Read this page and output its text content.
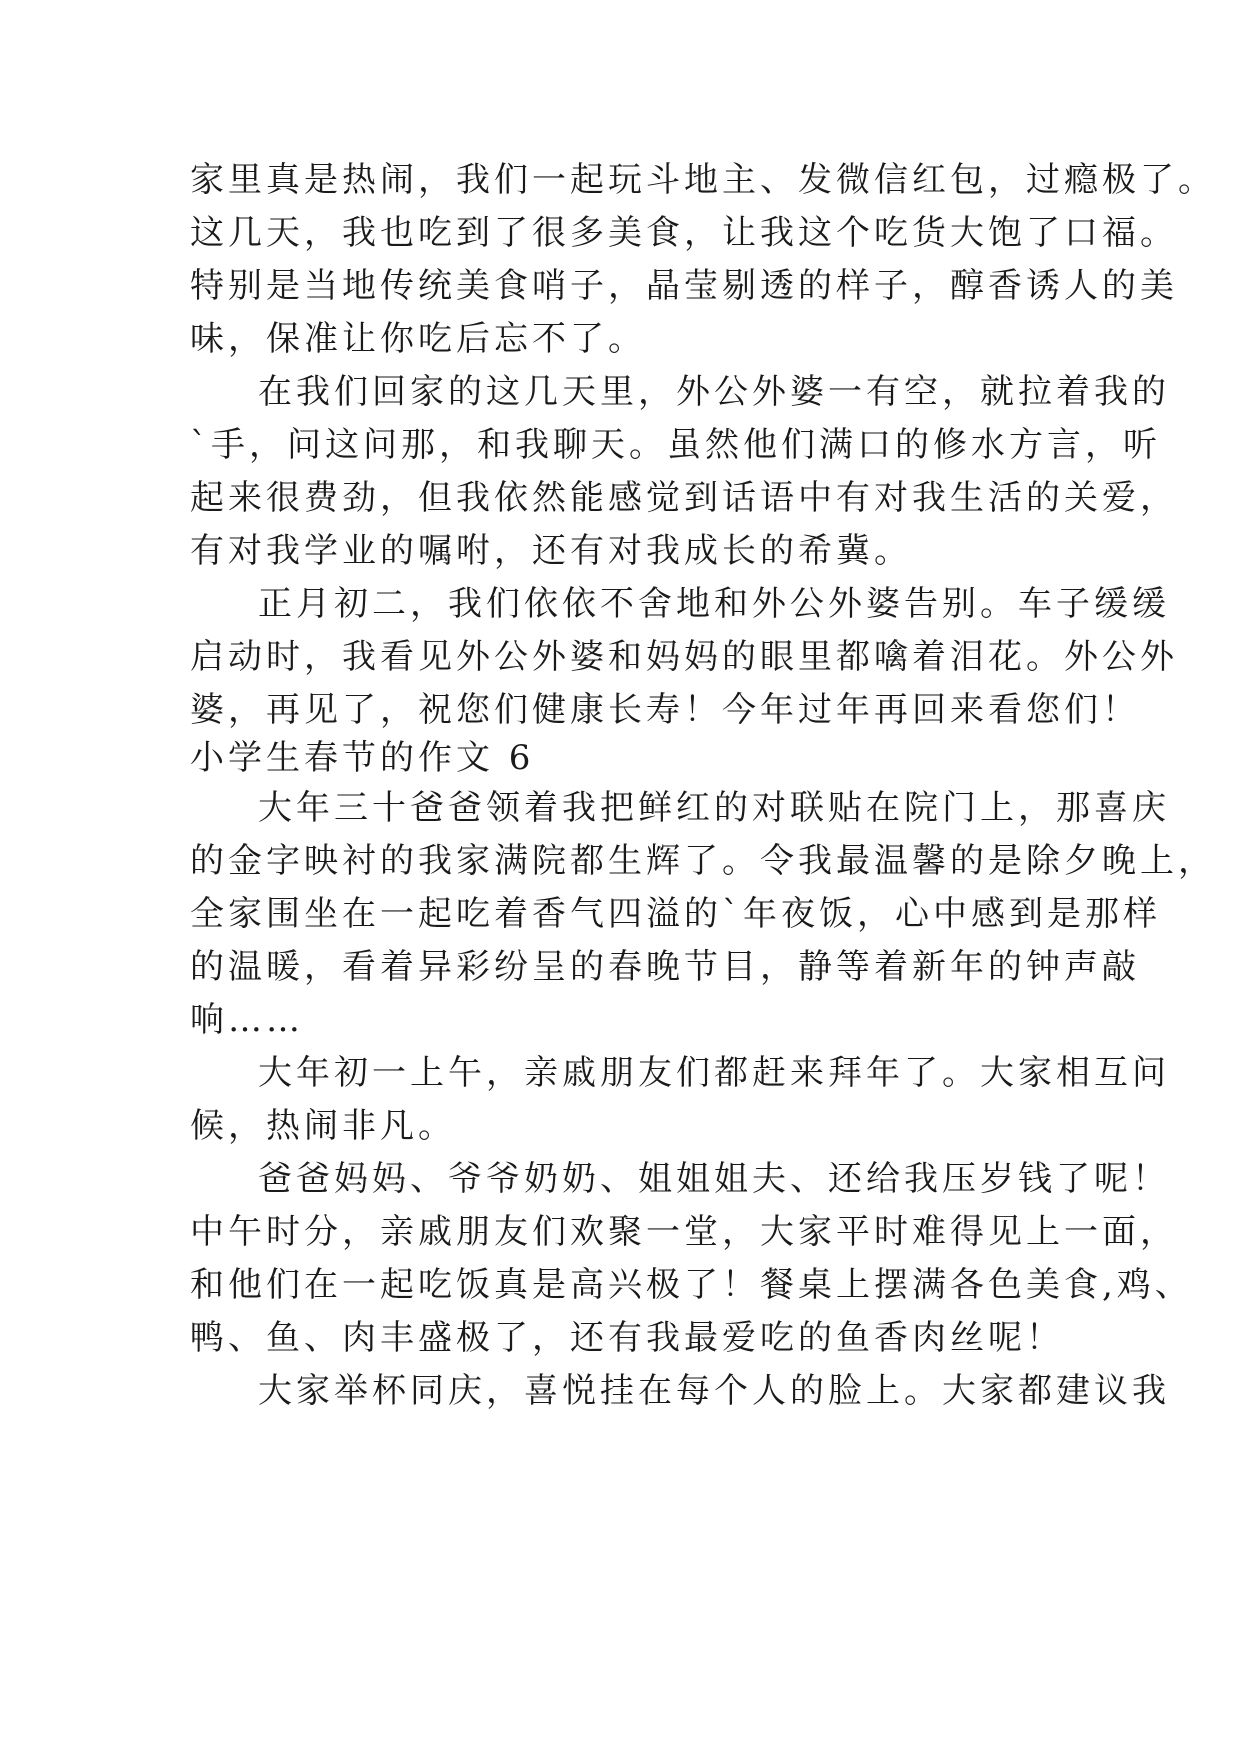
家里真是热闹，我们一起玩斗地主、发微信红包，过瘾极了。
这几天，我也吃到了很多美食，让我这个吃货大饱了口福。
特别是当地传统美食哨子，晶莹剔透的样子，醇香诱人的美
味，保准让你吃后忘不了。
在我们回家的这几天里，外公外婆一有空，就拉着我的
`手，问这问那，和我聊天。虽然他们满口的修水方言，听
起来很费劲，但我依然能感觉到话语中有对我生活的关爱，
有对我学业的嘱咐，还有对我成长的希冀。
正月初二，我们依依不舍地和外公外婆告别。车子缓缓
启动时，我看见外公外婆和妈妈的眼里都噙着泪花。外公外
婆，再见了，祝您们健康长寿！今年过年再回来看您们！
小学生春节的作文 6
大年三十爸爸领着我把鲜红的对联贴在院门上，那喜庆
的金字映衬的我家满院都生辉了。令我最温馨的是除夕晚上，
全家围坐在一起吃着香气四溢的`年夜饭，心中感到是那样
的温暖，看着异彩纷呈的春晚节目，静等着新年的钟声敲
响……
大年初一上午，亲戚朋友们都赶来拜年了。大家相互问
候，热闹非凡。
爸爸妈妈、爷爷奶奶、姐姐姐夫、还给我压岁钱了呢！
中午时分，亲戚朋友们欢聚一堂，大家平时难得见上一面，
和他们在一起吃饭真是高兴极了！餐桌上摆满各色美食,鸡、
鸭、鱼、肉丰盛极了，还有我最爱吃的鱼香肉丝呢！
大家举杯同庆，喜悦挂在每个人的脸上。大家都建议我
